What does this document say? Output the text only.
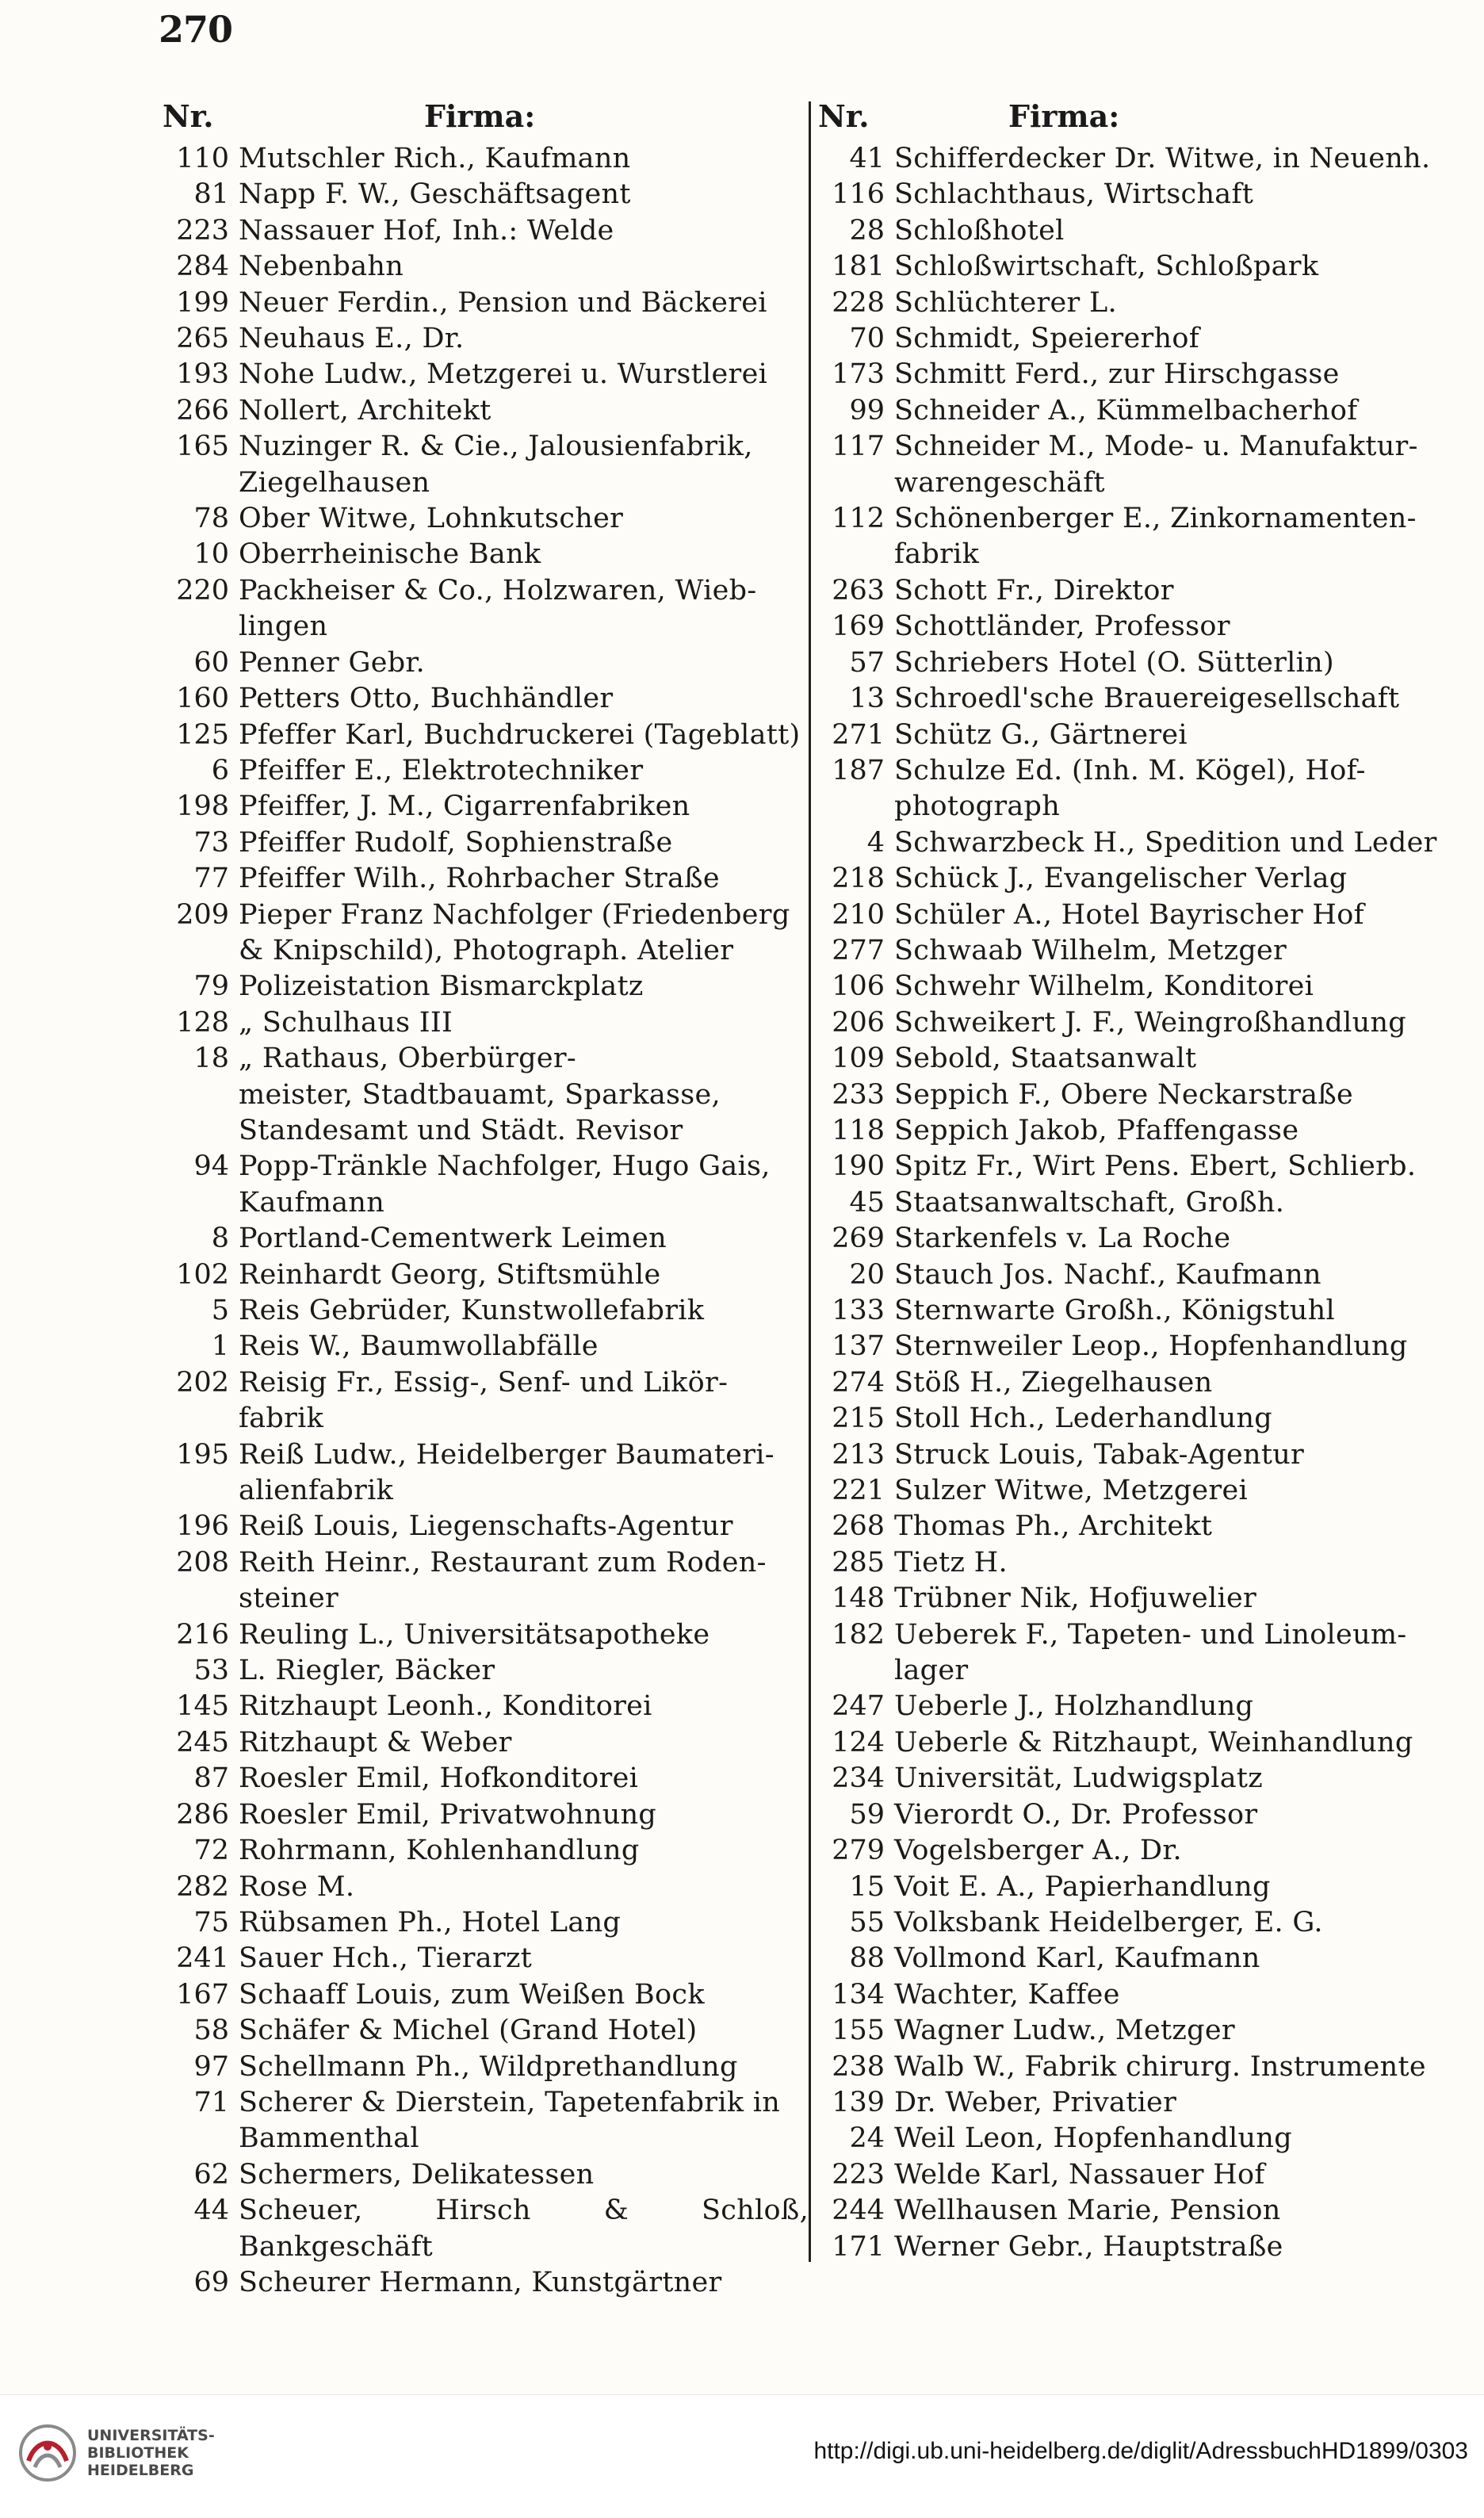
270
Nr.	Firma:
110 Mutschler Rich., Kaufmann
81 Napp F. W., Geschäftsagent
223 Nassauer Hof, Inh.: Welde
284 Nebenbahn
199 Neuer Ferdin., Pension und Bäckerei
265 Neuhaus E., Dr.
193 Nohe Ludw., Metzgerei u. Wurstlerei
266 Nollert, Architekt
165 Nuzinger R. & Cie., Jalousienfabrik,
Ziegelhausen
78 Ober Witwe, Lohnkutscher
10 Oberrheinische Bank
220 Packheiser & Co., Holzwaren, Wieb-
lingen
60 Penner Gebr.
160 Petters Otto, Buchhändler
125 Pfeffer Karl, Buchdruckerei (Tageblatt)
6 Pfeiffer E., Elektrotechniker
198 Pfeiffer, J. M., Cigarrenfabriken
73 Pfeiffer Rudolf, Sophienstraße
77 Pfeiffer Wilh., Rohrbacher Straße
209 Pieper Franz Nachfolger (Friedenberg
& Knipschild), Photograph. Atelier
79 Polizeistation Bismarckplatz
128 „ Schulhaus III
18 „ Rathaus, Oberbürger-
meister, Stadtbauamt, Sparkasse,
Standesamt und Städt. Revisor
94 Popp-Tränkle Nachfolger, Hugo Gais,
Kaufmann
8 Portland-Cementwerk Leimen
102 Reinhardt Georg, Stiftsmühle
5 Reis Gebrüder, Kunstwollefabrik
1 Reis W., Baumwollabfälle
202 Reisig Fr., Essig-, Senf- und Likör-
fabrik
195 Reiß Ludw., Heidelberger Baumateri-
alienfabrik
196 Reiß Louis, Liegenschafts-Agentur
208 Reith Heinr., Restaurant zum Roden-
steiner
216 Reuling L., Universitätsapotheke
53 L. Riegler, Bäcker
145 Ritzhaupt Leonh., Konditorei
245 Ritzhaupt & Weber
87 Roesler Emil, Hofkonditorei
286 Roesler Emil, Privatwohnung
72 Rohrmann, Kohlenhandlung
282 Rose M.
75 Rübsamen Ph., Hotel Lang
241 Sauer Hch., Tierarzt
167 Schaaff Louis, zum Weißen Bock
58 Schäfer & Michel (Grand Hotel)
97 Schellmann Ph., Wildprethandlung
71 Scherer & Dierstein, Tapetenfabrik in
Bammenthal
62 Schermers, Delikatessen
44 Scheuer, Hirsch & Schloß, Bankgeschäft
69 Scheurer Hermann, Kunstgärtner
Nr.	Firma:
41 Schifferdecker Dr. Witwe, in Neuenh.
116 Schlachthaus, Wirtschaft
28 Schloßhotel
181 Schloßwirtschaft, Schloßpark
228 Schlüchterer L.
70 Schmidt, Speiererhof
173 Schmitt Ferd., zur Hirschgasse
99 Schneider A., Kümmelbacherhof
117 Schneider M., Mode- u. Manufaktur-
warengeschäft
112 Schönenberger E., Zinkornamenten-
fabrik
263 Schott Fr., Direktor
169 Schottländer, Professor
57 Schriebers Hotel (O. Sütterlin)
13 Schroedl'sche Brauereigesellschaft
271 Schütz G., Gärtnerei
187 Schulze Ed. (Inh. M. Kögel), Hof-
photograph
4 Schwarzbeck H., Spedition und Leder
218 Schück J., Evangelischer Verlag
210 Schüler A., Hotel Bayrischer Hof
277 Schwaab Wilhelm, Metzger
106 Schwehr Wilhelm, Konditorei
206 Schweikert J. F., Weingroßhandlung
109 Sebold, Staatsanwalt
233 Seppich F., Obere Neckarstraße
118 Seppich Jakob, Pfaffengasse
190 Spitz Fr., Wirt Pens. Ebert, Schlierb.
45 Staatsanwaltschaft, Großh.
269 Starkenfels v. La Roche
20 Stauch Jos. Nachf., Kaufmann
133 Sternwarte Großh., Königstuhl
137 Sternweiler Leop., Hopfenhandlung
274 Stöß H., Ziegelhausen
215 Stoll Hch., Lederhandlung
213 Struck Louis, Tabak-Agentur
221 Sulzer Witwe, Metzgerei
268 Thomas Ph., Architekt
285 Tietz H.
148 Trübner Nik, Hofjuwelier
182 Ueberek F., Tapeten- und Linoleum-
lager
247 Ueberle J., Holzhandlung
124 Ueberle & Ritzhaupt, Weinhandlung
234 Universität, Ludwigsplatz
59 Vierordt O., Dr. Professor
279 Vogelsberger A., Dr.
15 Voit E. A., Papierhandlung
55 Volksbank Heidelberger, E. G.
88 Vollmond Karl, Kaufmann
134 Wachter, Kaffee
155 Wagner Ludw., Metzger
238 Walb W., Fabrik chirurg. Instrumente
139 Dr. Weber, Privatier
24 Weil Leon, Hopfenhandlung
223 Welde Karl, Nassauer Hof
244 Wellhausen Marie, Pension
171 Werner Gebr., Hauptstraße
UNIVERSITÄTS-
BIBLIOTHEK
HEIDELBERG
http://digi.ub.uni-heidelberg.de/diglit/AdressbuchHD1899/0303
